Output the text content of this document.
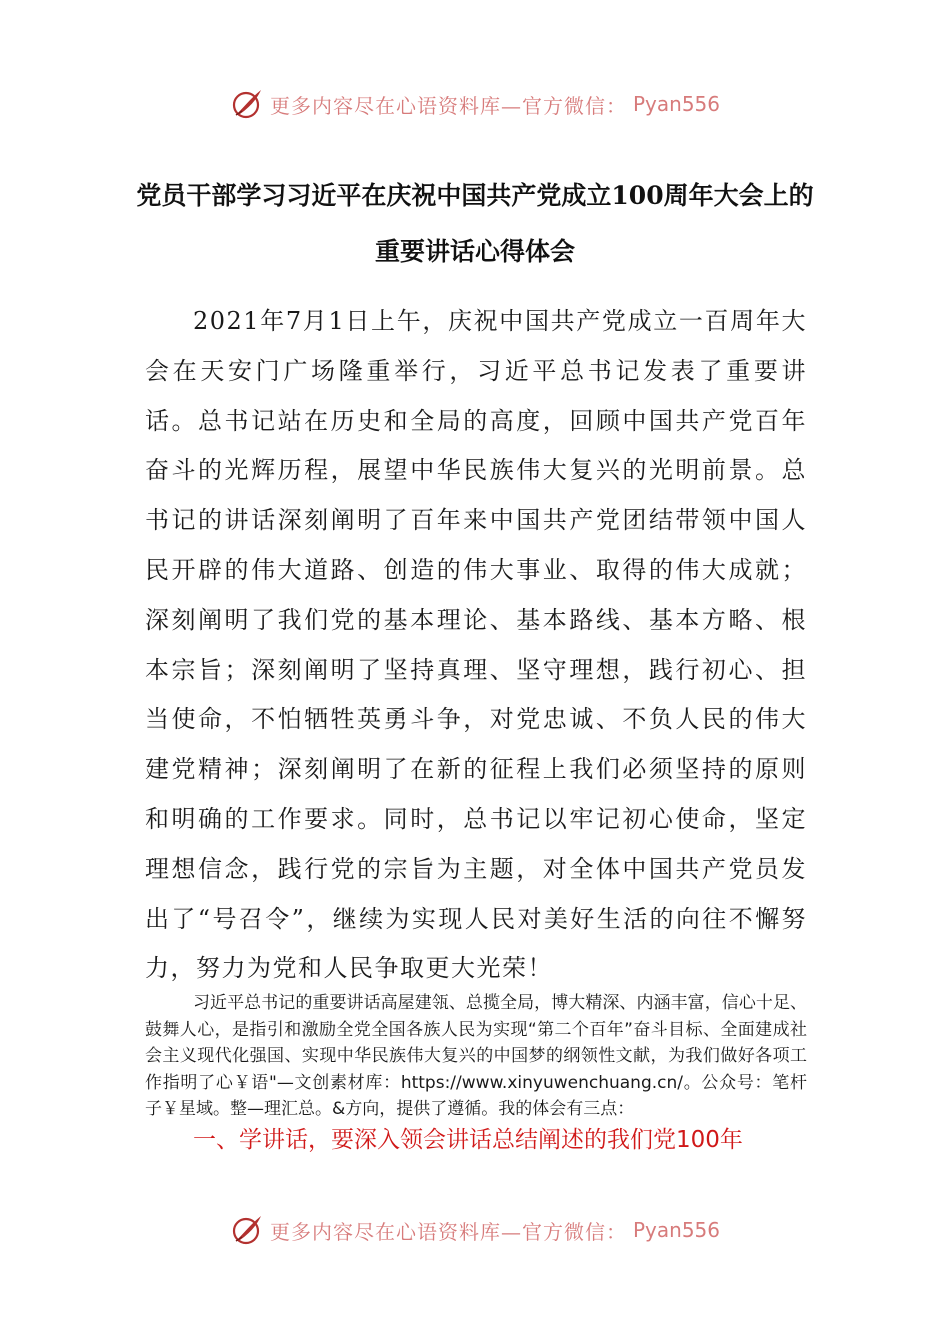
更多内容尽在心语资料库—官方微信： Pyan556
党员干部学习习近平在庆祝中国共产党成立100周年大会上的重要讲话心得体会

2021年7月1日上午，庆祝中国共产党成立一百周年大会在天安门广场隆重举行，习近平总书记发表了重要讲话。总书记站在历史和全局的高度，回顾中国共产党百年奋斗的光辉历程，展望中华民族伟大复兴的光明前景。总书记的讲话深刻阐明了百年来中国共产党团结带领中国人民开辟的伟大道路、创造的伟大事业、取得的伟大成就；深刻阐明了我们党的基本理论、基本路线、基本方略、根本宗旨；深刻阐明了坚持真理、坚守理想，践行初心、担当使命，不怕牺牲英勇斗争，对党忠诚、不负人民的伟大建党精神；深刻阐明了在新的征程上我们必须坚持的原则和明确的工作要求。同时，总书记以牢记初心使命，坚定理想信念，践行党的宗旨为主题，对全体中国共产党员发出了“号召令”，继续为实现人民对美好生活的向往不懈努力，努力为党和人民争取更大光荣！

习近平总书记的重要讲话高屋建瓴、总揽全局，博大精深、内涵丰富，信心十足、鼓舞人心，是指引和激励全党全国各族人民为实现“第二个百年”奋斗目标、全面建成社会主义现代化强国、实现中华民族伟大复兴的中国梦的纲领性文献，为我们做好各项工作指明了心￥语"—文创素材库：https://www.xinyuwenchuang.cn/。公众号：笔杆子￥星域。整—理汇总。&方向，提供了遵循。我的体会有三点：

一、学讲话，要深入领会讲话总结阐述的我们党100年

更多内容尽在心语资料库—官方微信： Pyan556
